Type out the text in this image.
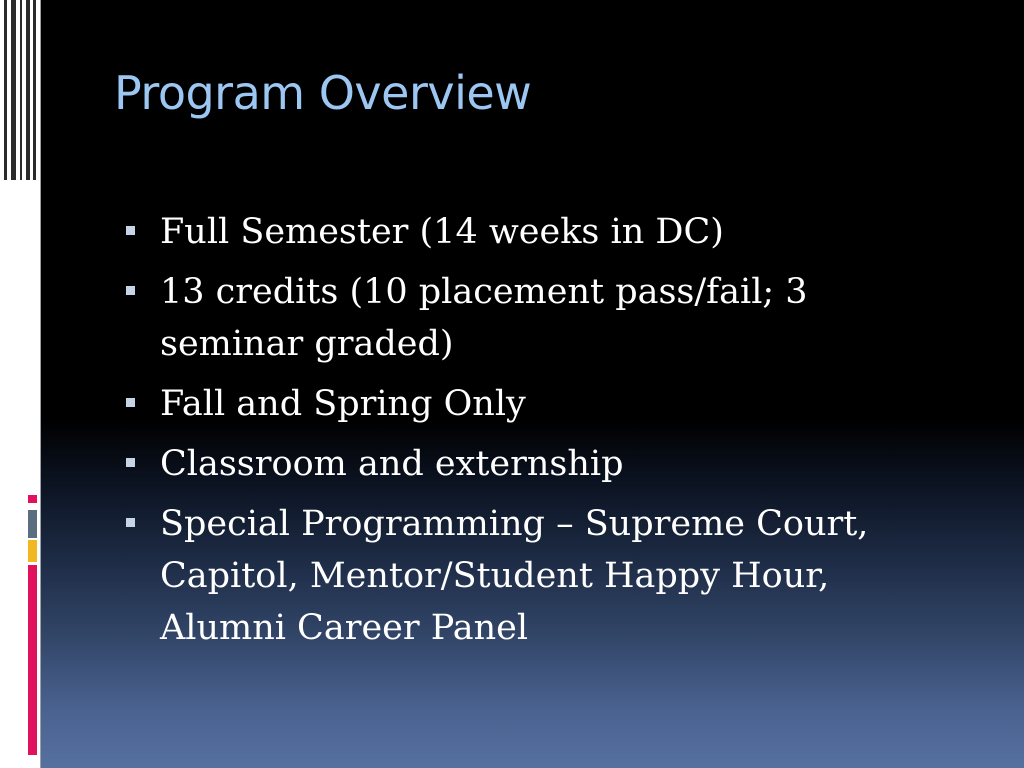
Program Overview
Full Semester (14 weeks in DC)
13 credits (10 placement pass/fail; 3 seminar graded)
Fall and Spring Only
Classroom and externship
Special Programming – Supreme Court, Capitol, Mentor/Student Happy Hour, Alumni Career Panel
